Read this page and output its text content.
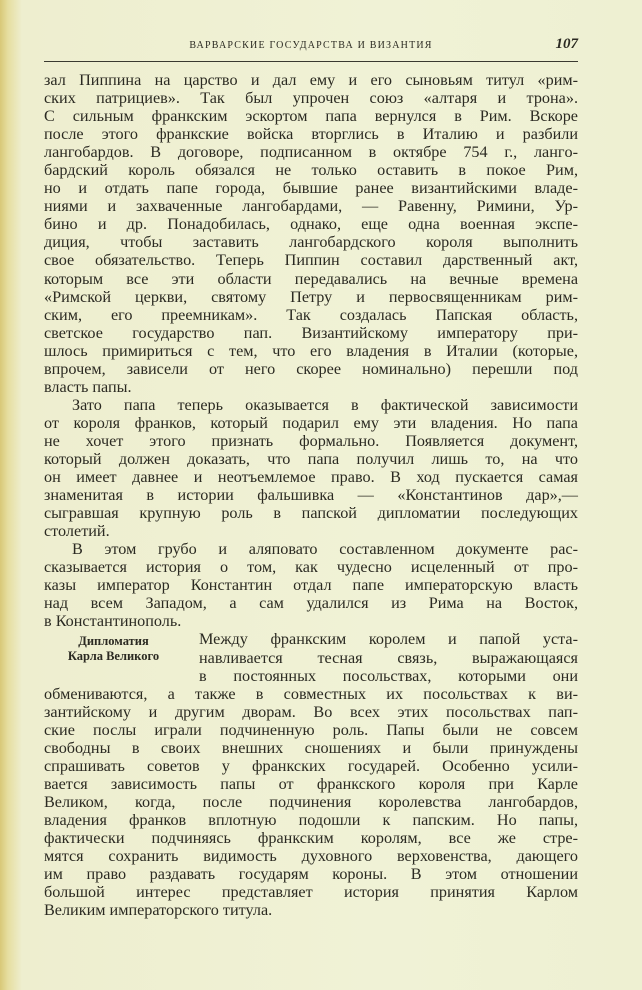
ВАРВАРСКИЕ ГОСУДАРСТВА И ВИЗАНТИЯ	107
зал Пиппина на царство и дал ему и его сыновьям титул «рим-
ских патрициев». Так был упрочен союз «алтаря и трона».
С сильным франкским эскортом папа вернулся в Рим. Вскоре
после этого франкские войска вторглись в Италию и разбили
лангобардов. В договоре, подписанном в октябре 754 г., лангo-
бардский король обязался не только оставить в покое Рим,
но и отдать папе города, бывшие ранее византийскими владе-
ниями и захваченные лангобардами, — Равенну, Римини, Ур-
бино и др. Понадобилась, однако, еще одна военная экспе-
диция, чтобы заставить лангобардского короля выполнить
свое обязательство. Теперь Пиппин составил дарственный акт,
которым все эти области передавались на вечные времена
«Римской церкви, святому Петру и первосвященникам рим-
ским, его преемникам». Так создалась Папская область,
светское государство пап. Византийскому императору при-
шлось примириться с тем, что его владения в Италии (которые,
впрочем, зависели от него скорее номинально) перешли под
власть папы.
Зато папа теперь оказывается в фактической зависимости
от короля франков, который подарил ему эти владения. Но папа
не хочет этого признать формально. Появляется документ,
который должен доказать, что папа получил лишь то, на что
он имеет давнее и неотъемлемое право. В ход пускается самая
знаменитая в истории фальшивка — «Константинов дар»,—
сыгравшая крупную роль в папской дипломатии последующих
столетий.
В этом грубо и аляповато составленном документе рас-
сказывается история о том, как чудесно исцеленный от про-
казы император Константин отдал папе императорскую власть
над всем Западом, а сам удалился из Рима на Восток,
в Константинополь.
Дипломатия
Карла Великого
Между франкским королем и папой уста-
навливается тесная связь, выражающаяся
в постоянных посольствах, которыми они
обмениваются, а также в совместных их посольствах к ви-
зантийскому и другим дворам. Во всех этих посольствах пап-
ские послы играли подчиненную роль. Папы были не совсем
свободны в своих внешних сношениях и были принуждены
спрашивать советов у франкских государей. Особенно усили-
вается зависимость папы от франкского короля при Карле
Великом, когда, после подчинения королевства лангобардов,
владения франков вплотную подошли к папским. Но папы,
фактически подчиняясь франкским королям, все же стре-
мятся сохранить видимость духовного верховенства, дающего
им право раздавать государям короны. В этом отношении
большой интерес представляет история принятия Карлом
Великим императорского титула.
